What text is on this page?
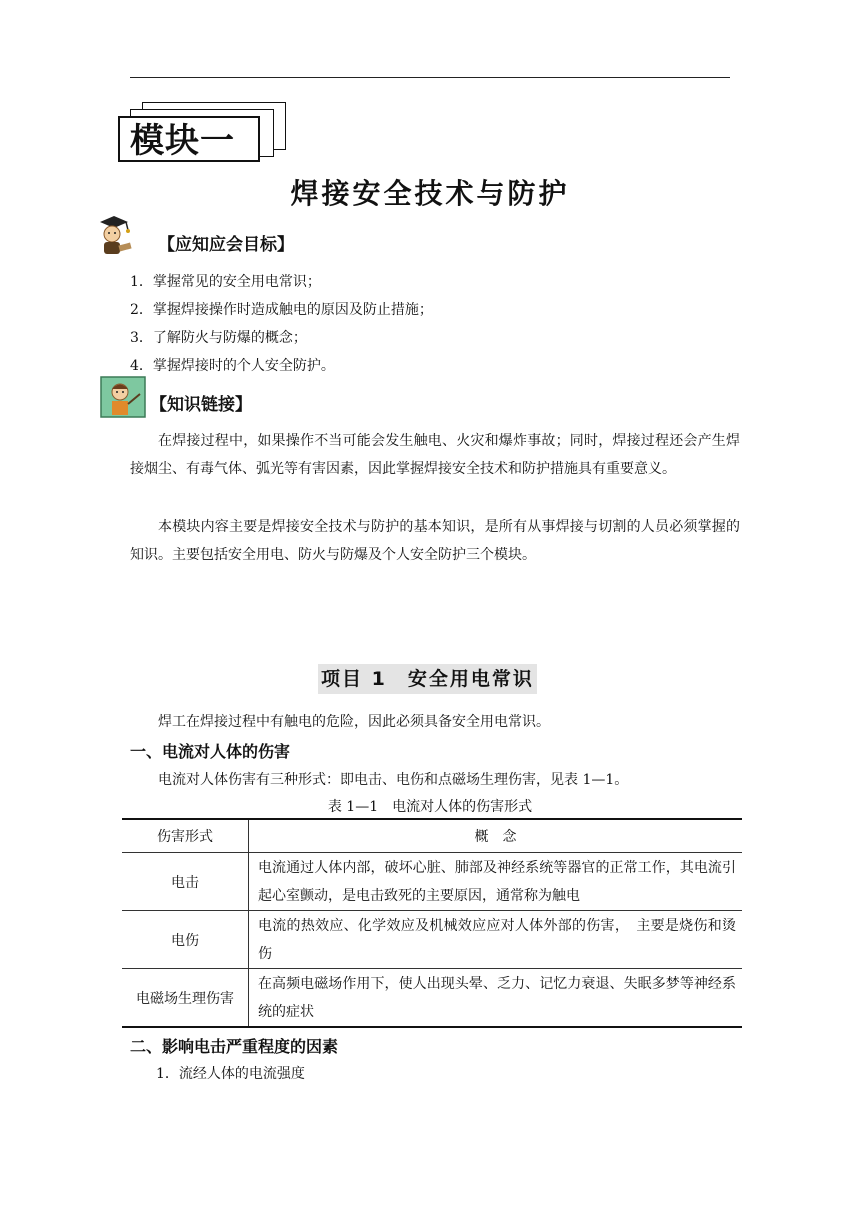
模块一
焊接安全技术与防护
【应知应会目标】
1．掌握常见的安全用电常识；
2．掌握焊接操作时造成触电的原因及防止措施；
3．了解防火与防爆的概念；
4．掌握焊接时的个人安全防护。
【知识链接】
在焊接过程中，如果操作不当可能会发生触电、火灾和爆炸事故；同时，焊接过程还会产生焊接烟尘、有毒气体、弧光等有害因素，因此掌握焊接安全技术和防护措施具有重要意义。
本模块内容主要是焊接安全技术与防护的基本知识，是所有从事焊接与切割的人员必须掌握的知识。主要包括安全用电、防火与防爆及个人安全防护三个模块。
项目 1　安全用电常识
焊工在焊接过程中有触电的危险，因此必须具备安全用电常识。
一、电流对人体的伤害
电流对人体伤害有三种形式：即电击、电伤和点磁场生理伤害，见表 1—1。
表 1—1　电流对人体的伤害形式
伤害形式	概　念
电击	电流通过人体内部，破坏心脏、肺部及神经系统等器官的正常工作，其电流引起心室颤动，是电击致死的主要原因，通常称为触电
电伤	电流的热效应、化学效应及机械效应应对人体外部的伤害，　主要是烧伤和烫伤
电磁场生理伤害	在高频电磁场作用下，使人出现头晕、乏力、记忆力衰退、失眠多梦等神经系统的症状
二、影响电击严重程度的因素
1．流经人体的电流强度
